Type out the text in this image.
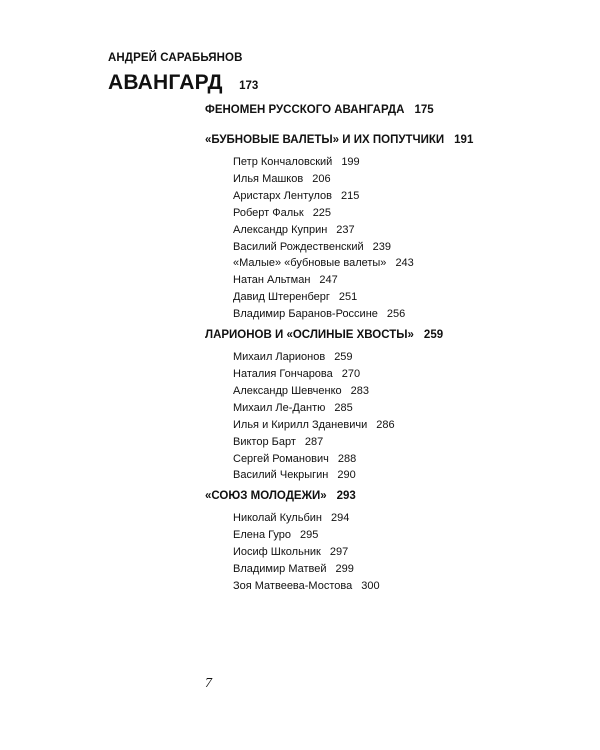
АНДРЕЙ САРАБЬЯНОВ
АВАНГАРД 173
ФЕНОМЕН РУССКОГО АВАНГАРДА 175
«БУБНОВЫЕ ВАЛЕТЫ» И ИХ ПОПУТЧИКИ 191
Петр Кончаловский 199
Илья Машков 206
Аристарх Лентулов 215
Роберт Фальк 225
Александр Куприн 237
Василий Рождественский 239
«Малые» «бубновые валеты» 243
Натан Альтман 247
Давид Штеренберг 251
Владимир Баранов-Россине 256
ЛАРИОНОВ И «ОСЛИНЫЕ ХВОСТЫ» 259
Михаил Ларионов 259
Наталия Гончарова 270
Александр Шевченко 283
Михаил Ле-Дантю 285
Илья и Кирилл Зданевичи 286
Виктор Барт 287
Сергей Романович 288
Василий Чекрыгин 290
«СОЮЗ МОЛОДЕЖИ» 293
Николай Кульбин 294
Елена Гуро 295
Иосиф Школьник 297
Владимир Матвей 299
Зоя Матвеева-Мостова 300
7
